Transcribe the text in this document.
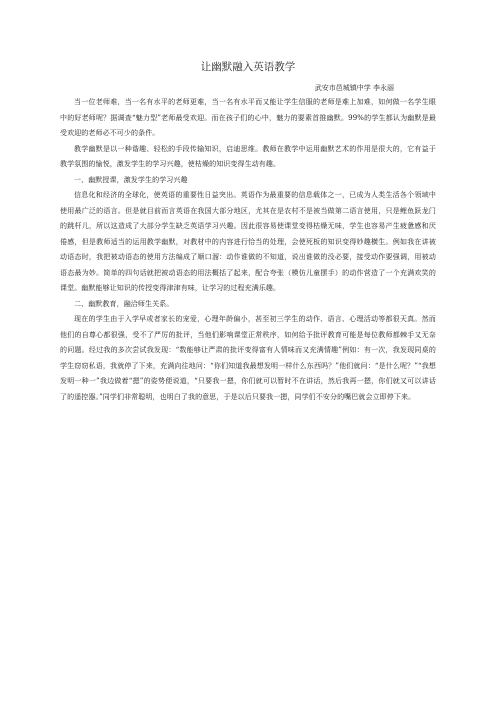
让幽默融入英语教学

武安市邑城镇中学 李永丽

当一位老师难，当一名有水平的老师更难，当一名有水平而又能让学生信服的老师是难上加难，如何做一名学生眼中的好老师呢？据调查“魅力型”老师最受欢迎。而在孩子们的心中，魅力的要素首推幽默。99%的学生都认为幽默是最受欢迎的老师必不可少的条件。

教学幽默是以一种谐趣、轻松的手段传输知识，启迪思维。教师在教学中运用幽默艺术的作用是很大的，它有益于教学氛围的愉悦，激发学生的学习兴趣，使枯燥的知识变得生动有趣。

一、幽默授课，激发学生的学习兴趣

信息化和经济的全球化，使英语的重要性日益突出。英语作为最重要的信息载体之一，已成为人类生活各个领域中使用最广泛的语言。但是就目前而言英语在我国大部分地区，尤其在是农村不是被当做第二语言使用，只是鲤鱼跃龙门的跳杆儿，所以这造成了大部分学生缺乏英语学习兴趣。因此很容易使课堂变得枯燥无味，学生也容易产生疲惫感和厌倦感，但是教师适当的运用教学幽默，对教材中的内容进行恰当的处理，会使死板的知识变得妙趣横生。例如我在讲被动语态时，我把被动语态的使用方法编成了顺口溜：动作谁做的不知道，说出谁做的没必要，接受动作要强调，用被动语态最为妙。简单的四句话就把被动语态的用法概括了起来，配合夸张（模仿儿童摆手）的动作营造了一个充满欢笑的课堂。幽默能够让知识的传授变得津津有味，让学习的过程充满乐趣。

二、幽默教育，融洽师生关系。

现在的学生由于入学早或者家长的宠爱，心理年龄偏小，甚至初三学生的动作、语言、心理活动等都很天真。然而他们的自尊心都很强，受不了严厉的批评，当他们影响课堂正常秩序，如何给予批评教育可能是每位教师都棘手又无奈的问题。经过我的多次尝试我发现：“数能够让严肃的批评变得富有人情味而又充满情趣”例如：有一次，我发现同桌的学生窃窃私语，我就停了下来，充满向往地问：“你们知道我最想发明一样什么东西吗？”他们就问：“是什么呢？”“我想发明一种一”我边做着“摁”的姿势便说道，“只要我一摁，你们就可以暂时不在讲话，然后我再一摁，你们就又可以讲话了的遥控器。”同学们非常聪明，也明白了我的意思，于是以后只要我一摁，同学们不安分的嘴巴就会立即停下来。
